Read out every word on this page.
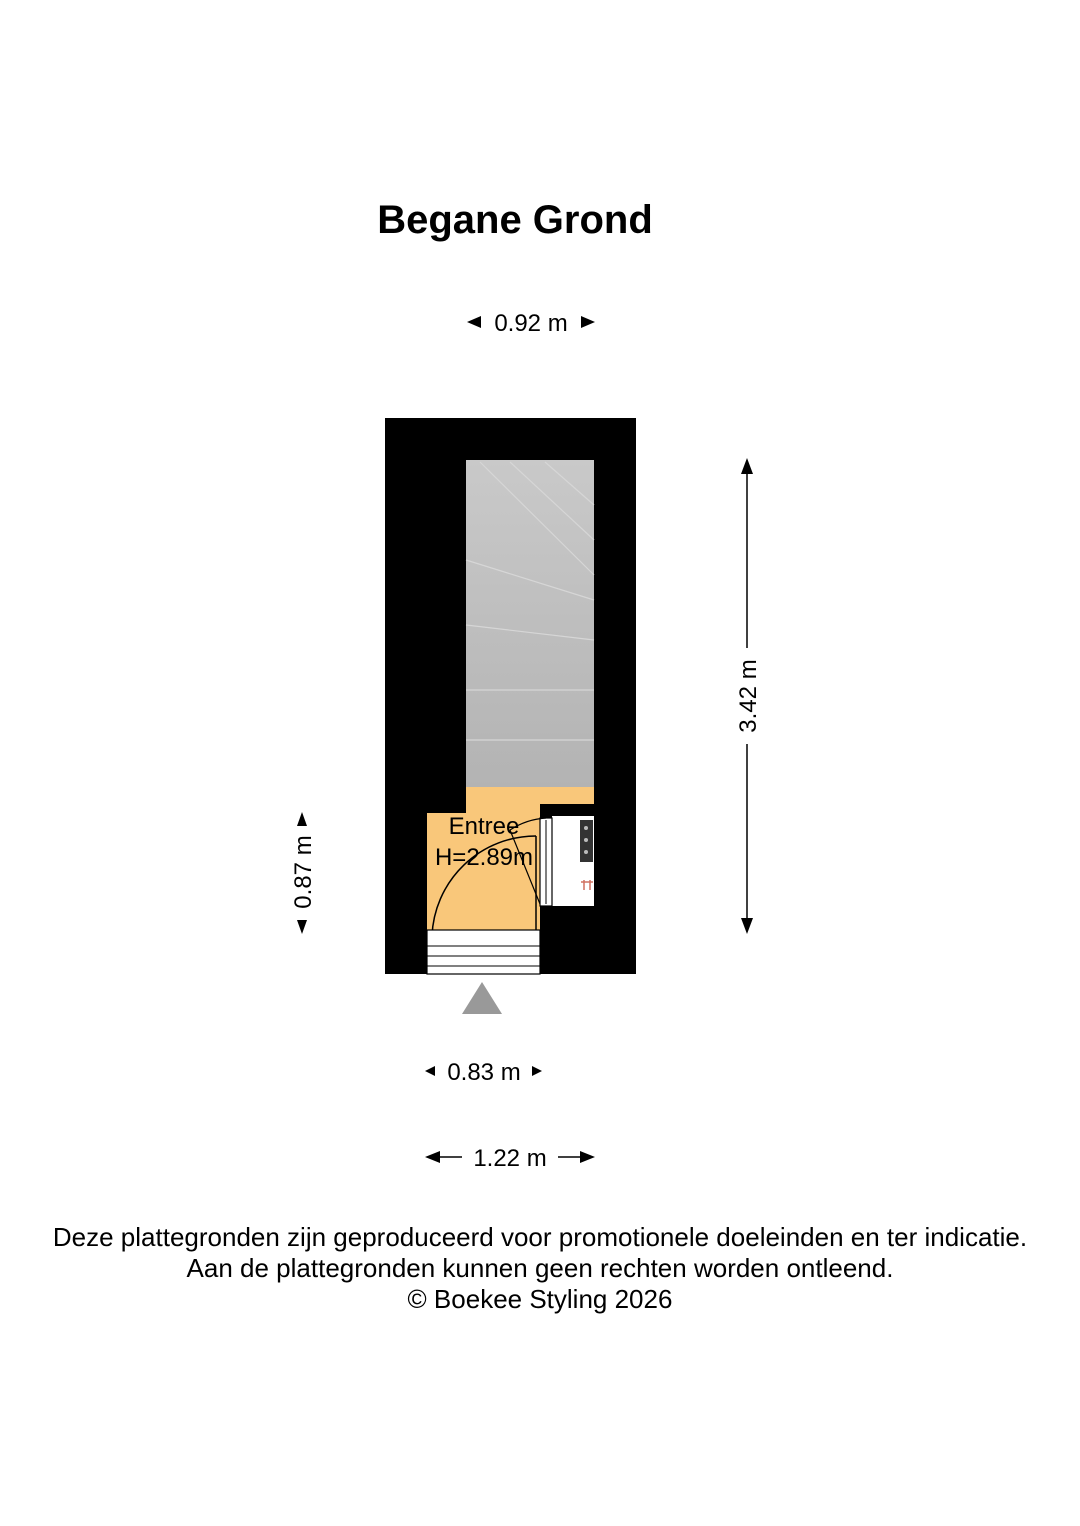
Begane Grond
Entree
H=2.89m
0.92 m
3.42 m
0.87 m
0.83 m
1.22 m
Deze plattegronden zijn geproduceerd voor promotionele doeleinden en ter indicatie.
Aan de plattegronden kunnen geen rechten worden ontleend.
© Boekee Styling 2026
